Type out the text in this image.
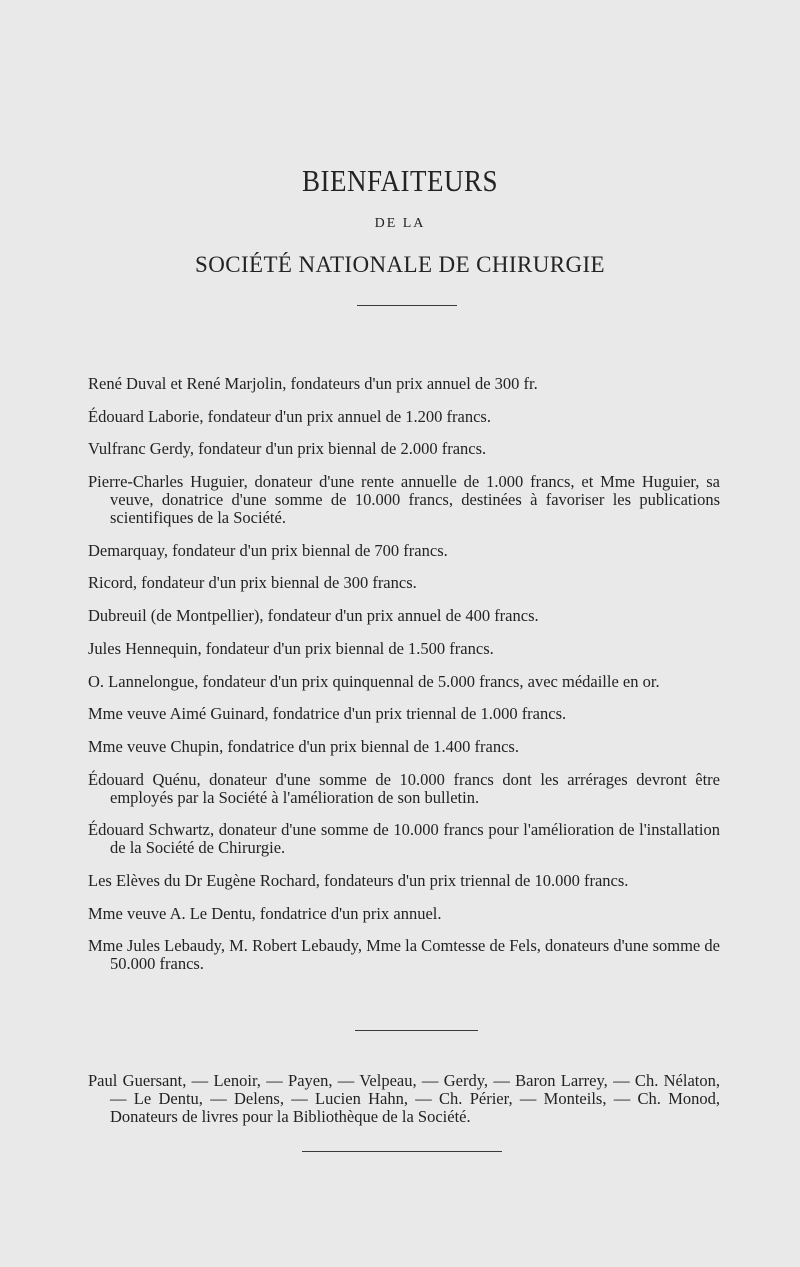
BIENFAITEURS
DE LA
SOCIÉTÉ NATIONALE DE CHIRURGIE
René Duval et René Marjolin, fondateurs d'un prix annuel de 300 fr.
Édouard Laborie, fondateur d'un prix annuel de 1.200 francs.
Vulfranc Gerdy, fondateur d'un prix biennal de 2.000 francs.
Pierre-Charles Huguier, donateur d'une rente annuelle de 1.000 francs, et Mme Huguier, sa veuve, donatrice d'une somme de 10.000 francs, destinées à favoriser les publications scientifiques de la Société.
Demarquay, fondateur d'un prix biennal de 700 francs.
Ricord, fondateur d'un prix biennal de 300 francs.
Dubreuil (de Montpellier), fondateur d'un prix annuel de 400 francs.
Jules Hennequin, fondateur d'un prix biennal de 1.500 francs.
O. Lannelongue, fondateur d'un prix quinquennal de 5.000 francs, avec médaille en or.
Mme veuve Aimé Guinard, fondatrice d'un prix triennal de 1.000 francs.
Mme veuve Chupin, fondatrice d'un prix biennal de 1.400 francs.
Édouard Quénu, donateur d'une somme de 10.000 francs dont les arrérages devront être employés par la Société à l'amélioration de son bulletin.
Édouard Schwartz, donateur d'une somme de 10.000 francs pour l'amélioration de l'installation de la Société de Chirurgie.
Les Elèves du Dr Eugène Rochard, fondateurs d'un prix triennal de 10.000 francs.
Mme veuve A. Le Dentu, fondatrice d'un prix annuel.
Mme Jules Lebaudy, M. Robert Lebaudy, Mme la Comtesse de Fels, donateurs d'une somme de 50.000 francs.
Paul Guersant, — Lenoir, — Payen, — Velpeau, — Gerdy, — Baron Larrey, — Ch. Nélaton, — Le Dentu, — Delens, — Lucien Hahn, — Ch. Périer, — Monteils, — Ch. Monod, Donateurs de livres pour la Bibliothèque de la Société.
